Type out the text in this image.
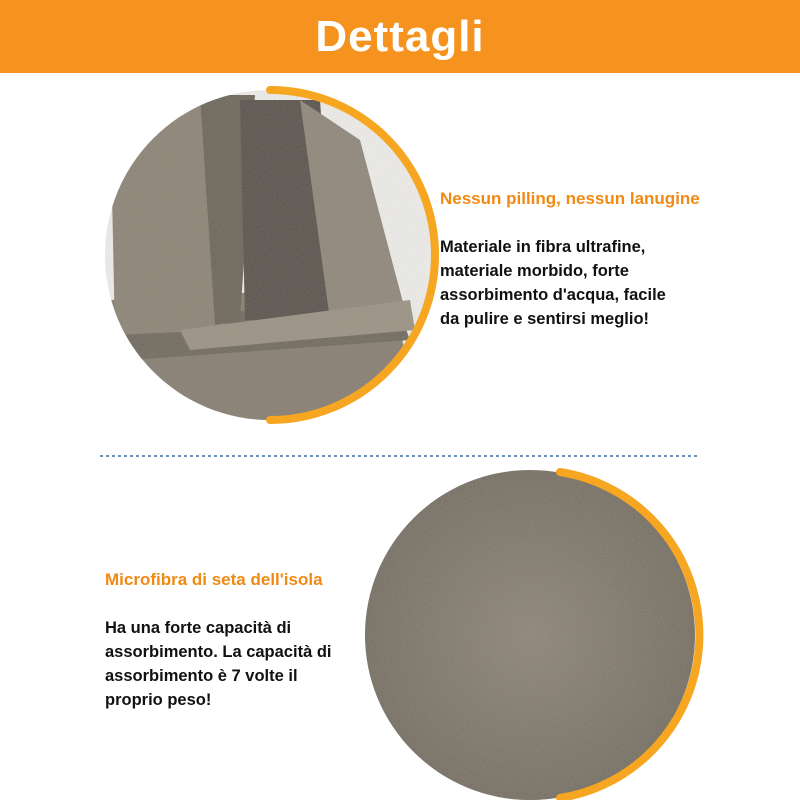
Dettagli

Nessun pilling, nessun lanugine

Materiale in fibra ultrafine,
materiale morbido, forte
assorbimento d'acqua, facile
da pulire e sentirsi meglio!

Microfibra di seta dell'isola

Ha una forte capacità di
assorbimento. La capacità di
assorbimento è 7 volte il
proprio peso!
